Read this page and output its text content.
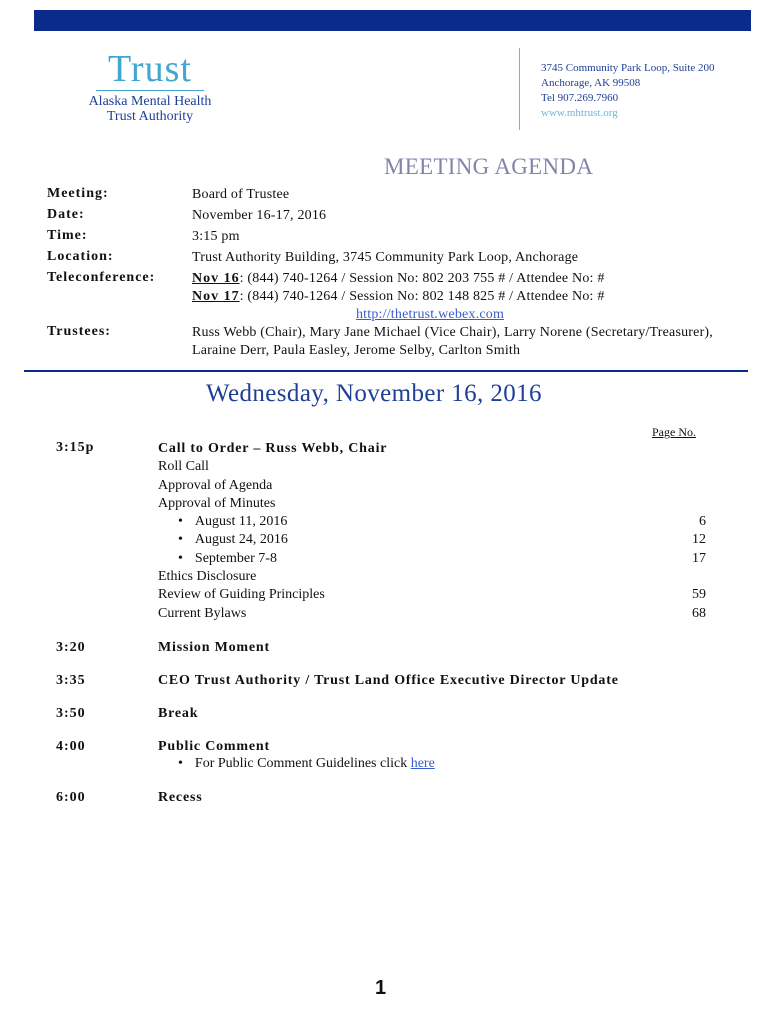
Trust
Alaska Mental Health
Trust Authority
3745 Community Park Loop, Suite 200
Anchorage, AK 99508
Tel 907.269.7960
www.mhtrust.org
MEETING AGENDA
Meeting:	Board of Trustee
Date:	November 16-17, 2016
Time:	3:15 pm
Location:	Trust Authority Building, 3745 Community Park Loop, Anchorage
Teleconference:	Nov 16: (844) 740-1264 / Session No: 802 203 755 # / Attendee No: #
Nov 17: (844) 740-1264 / Session No: 802 148 825 # / Attendee No: #
http://thetrust.webex.com
Trustees:	Russ Webb (Chair), Mary Jane Michael (Vice Chair), Larry Norene (Secretary/Treasurer), Laraine Derr, Paula Easley, Jerome Selby, Carlton Smith
Wednesday, November 16, 2016
Page No.
3:15p	Call to Order – Russ Webb, Chair
Roll Call
Approval of Agenda
Approval of Minutes
• August 11, 2016	6
• August 24, 2016	12
• September 7-8	17
Ethics Disclosure
Review of Guiding Principles	59
Current Bylaws	68
3:20	Mission Moment
3:35	CEO Trust Authority / Trust Land Office Executive Director Update
3:50	Break
4:00	Public Comment
• For Public Comment Guidelines click here
6:00	Recess
1
